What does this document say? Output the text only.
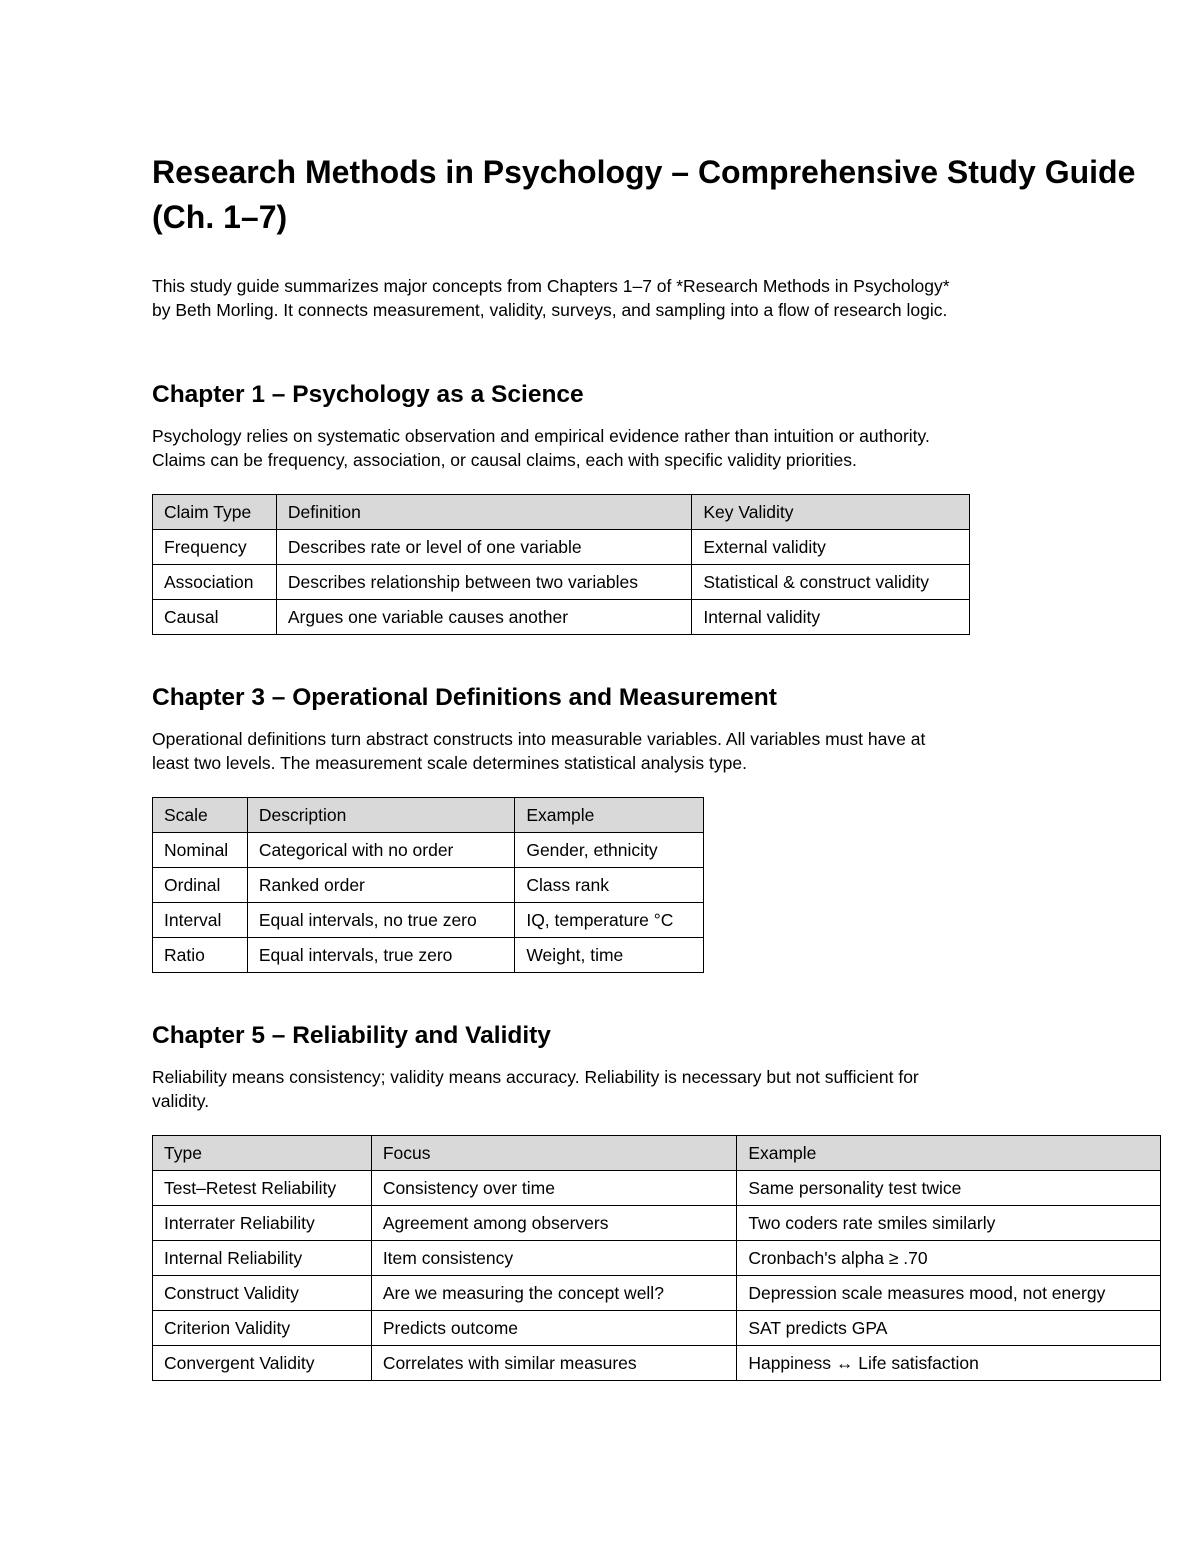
Research Methods in Psychology – Comprehensive Study Guide (Ch. 1–7)

This study guide summarizes major concepts from Chapters 1–7 of *Research Methods in Psychology*
by Beth Morling. It connects measurement, validity, surveys, and sampling into a flow of research logic.

Chapter 1 – Psychology as a Science

Psychology relies on systematic observation and empirical evidence rather than intuition or authority.
Claims can be frequency, association, or causal claims, each with specific validity priorities.

Claim Type	Definition	Key Validity
Frequency	Describes rate or level of one variable	External validity
Association	Describes relationship between two variables	Statistical & construct validity
Causal	Argues one variable causes another	Internal validity
Chapter 3 – Operational Definitions and Measurement

Operational definitions turn abstract constructs into measurable variables. All variables must have at
least two levels. The measurement scale determines statistical analysis type.

Scale	Description	Example
Nominal	Categorical with no order	Gender, ethnicity
Ordinal	Ranked order	Class rank
Interval	Equal intervals, no true zero	IQ, temperature °C
Ratio	Equal intervals, true zero	Weight, time
Chapter 5 – Reliability and Validity

Reliability means consistency; validity means accuracy. Reliability is necessary but not sufficient for
validity.

Type	Focus	Example
Test–Retest Reliability	Consistency over time	Same personality test twice
Interrater Reliability	Agreement among observers	Two coders rate smiles similarly
Internal Reliability	Item consistency	Cronbach's alpha ≥ .70
Construct Validity	Are we measuring the concept well?	Depression scale measures mood, not energy
Criterion Validity	Predicts outcome	SAT predicts GPA
Convergent Validity	Correlates with similar measures	Happiness ↔ Life satisfaction
